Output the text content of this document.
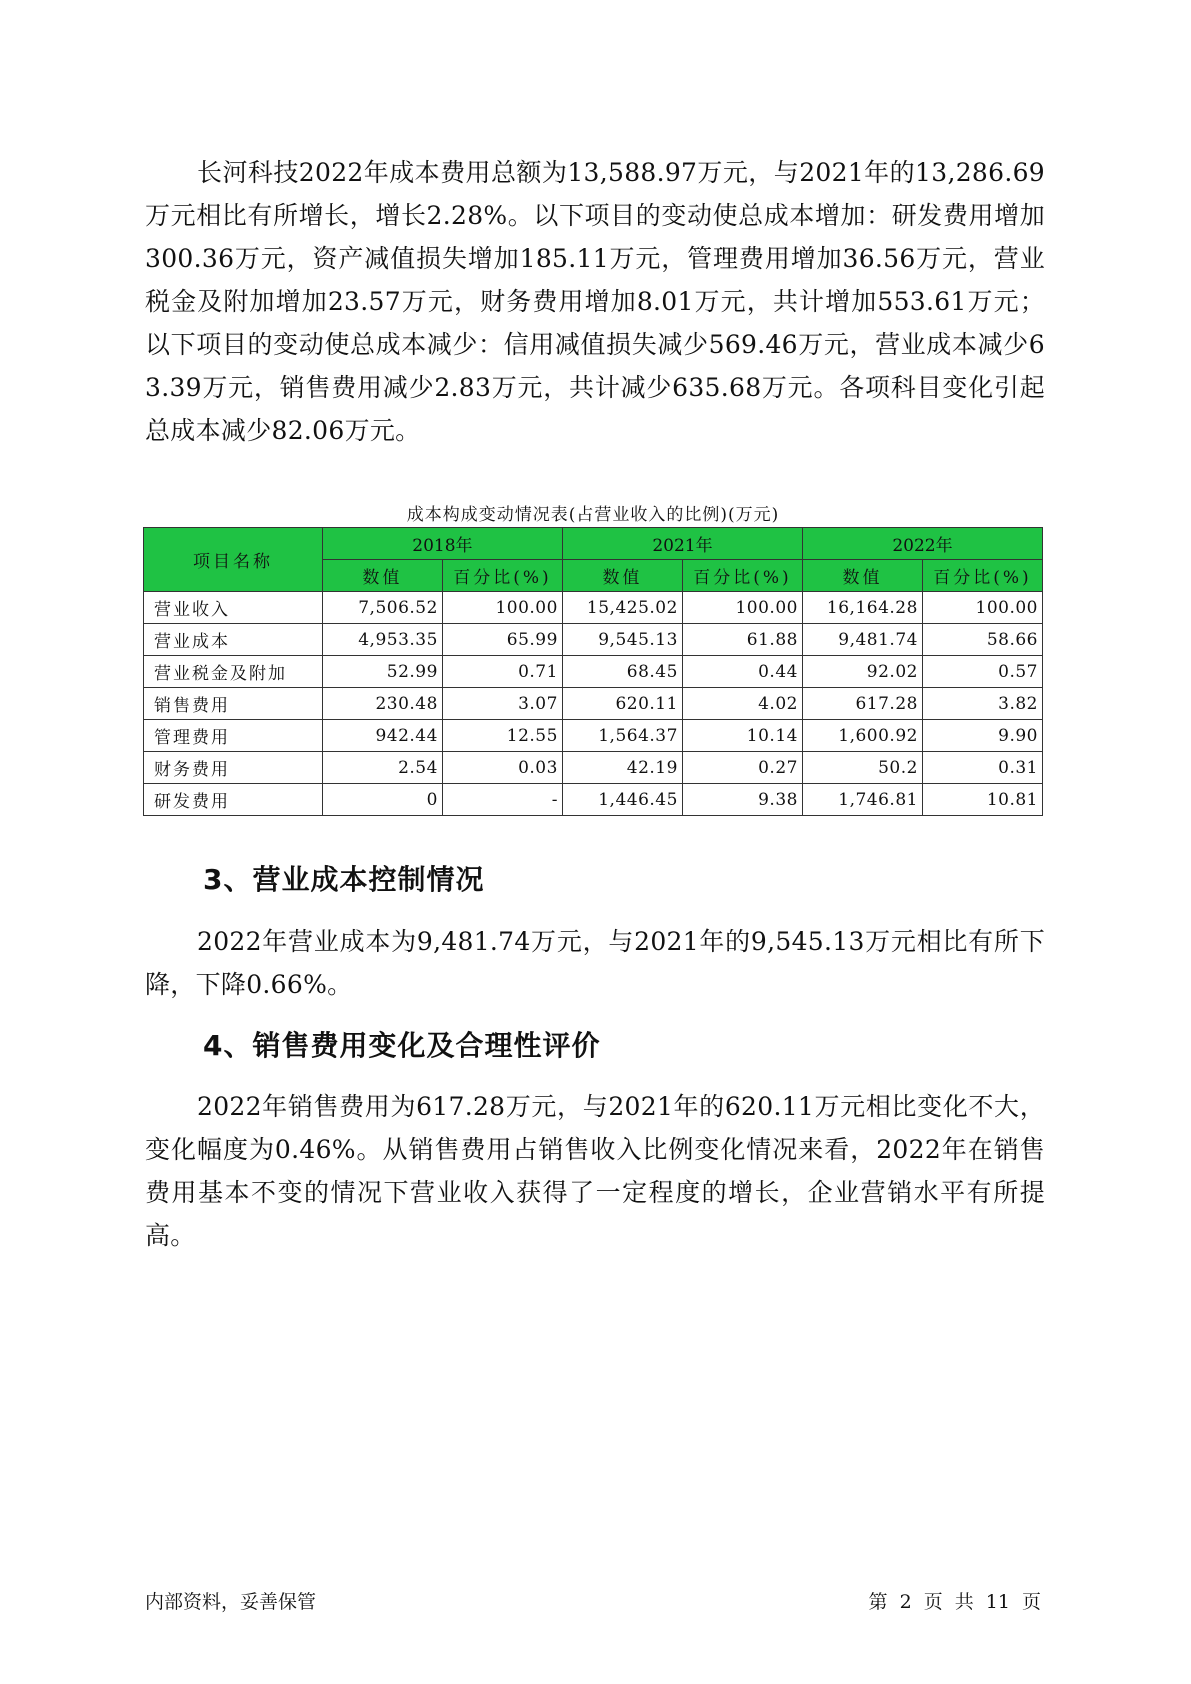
长河科技2022年成本费用总额为13,588.97万元，与2021年的13,286.69万元相比有所增长，增长2.28%。以下项目的变动使总成本增加：研发费用增加300.36万元，资产减值损失增加185.11万元，管理费用增加36.56万元，营业税金及附加增加23.57万元，财务费用增加8.01万元，共计增加553.61万元；以下项目的变动使总成本减少：信用减值损失减少569.46万元，营业成本减少63.39万元，销售费用减少2.83万元，共计减少635.68万元。各项科目变化引起总成本减少82.06万元。

成本构成变动情况表(占营业收入的比例)(万元)
项目名称	2018年		2021年		2022年	
	数值	百分比(%)	数值	百分比(%)	数值	百分比(%)
营业收入	7,506.52	100.00	15,425.02	100.00	16,164.28	100.00
营业成本	4,953.35	65.99	9,545.13	61.88	9,481.74	58.66
营业税金及附加	52.99	0.71	68.45	0.44	92.02	0.57
销售费用	230.48	3.07	620.11	4.02	617.28	3.82
管理费用	942.44	12.55	1,564.37	10.14	1,600.92	9.90
财务费用	2.54	0.03	42.19	0.27	50.2	0.31
研发费用	0	-	1,446.45	9.38	1,746.81	10.81
3、营业成本控制情况

2022年营业成本为9,481.74万元，与2021年的9,545.13万元相比有所下降，下降0.66%。

4、销售费用变化及合理性评价

2022年销售费用为617.28万元，与2021年的620.11万元相比变化不大，变化幅度为0.46%。从销售费用占销售收入比例变化情况来看，2022年在销售费用基本不变的情况下营业收入获得了一定程度的增长，企业营销水平有所提高。

内部资料，妥善保管	第 2 页 共 11 页
